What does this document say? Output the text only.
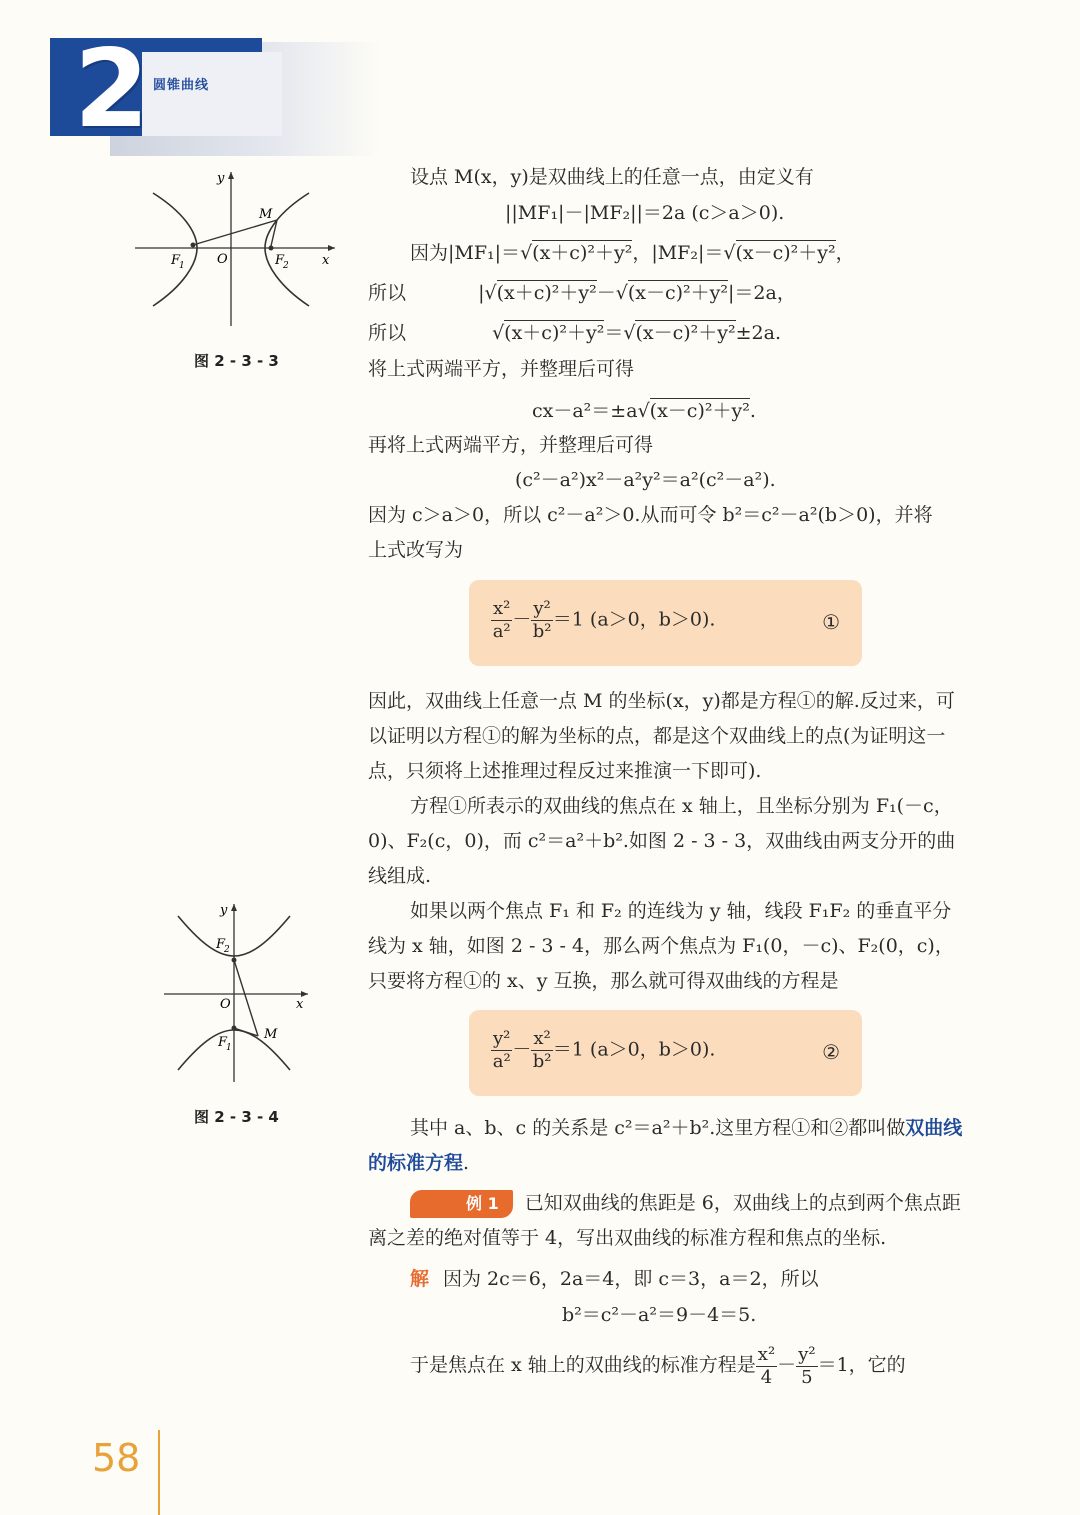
2 圆锥曲线
y
x
O
F
1	F
2
M
图 2 - 3 - 3
y
x
O
F
2
F
1
M
图 2 - 3 - 4
设点 M(x，y)是双曲线上的任意一点，由定义有
||MF₁|－|MF₂||＝2a (c＞a＞0).
因为|MF₁|＝√(x＋c)²＋y²，|MF₂|＝√(x－c)²＋y²，
所以	|√(x＋c)²＋y²－√(x－c)²＋y²|＝2a，
所以	√(x＋c)²＋y²＝√(x－c)²＋y²±2a.
将上式两端平方，并整理后可得
cx－a²＝±a√(x－c)²＋y².
再将上式两端平方，并整理后可得
(c²－a²)x²－a²y²＝a²(c²－a²).
因为 c＞a＞0，所以 c²－a²＞0.从而可令 b²＝c²－a²(b＞0)，并将
上式改写为
$\frac{\text{x²}}{\text{a²}} - \frac{\text{y²}}{\text{b²}} =1$ (a＞0，b＞0).	①
因此，双曲线上任意一点 M 的坐标(x，y)都是方程①的解.反过来，可以证明以方程①的解为坐标的点，都是这个双曲线上的点(为证明这一点，只须将上述推理过程反过来推演一下即可).
方程①所表示的双曲线的焦点在 x 轴上，且坐标分别为 F₁(－c，0)、F₂(c，0)，而 c²＝a²＋b².如图 2 - 3 - 3，双曲线由两支分开的曲线组成.
如果以两个焦点 F₁ 和 F₂ 的连线为 y 轴，线段 F₁F₂ 的垂直平分线为 x 轴，如图 2 - 3 - 4，那么两个焦点为 F₁(0，－c)、F₂(0，c)，只要将方程①的 x、y 互换，那么就可得双曲线的方程是
$\frac{\text{y²}}{\text{a²}} - \frac{\text{x²}}{\text{b²}} =1$ (a＞0，b＞0).	②
其中 a、b、c 的关系是 c²＝a²＋b².这里方程①和②都叫做双曲线的标准方程.
例 1 已知双曲线的焦距是 6，双曲线上的点到两个焦点距离之差的绝对值等于 4，写出双曲线的标准方程和焦点的坐标.
解 因为 2c＝6，2a＝4，即 c＝3，a＝2，所以
b²＝c²－a²＝9－4＝5.
于是焦点在 x 轴上的双曲线的标准方程是 $\frac{\text{x²}}{4} - \frac{\text{y²}}{5} =1$，它的
58
